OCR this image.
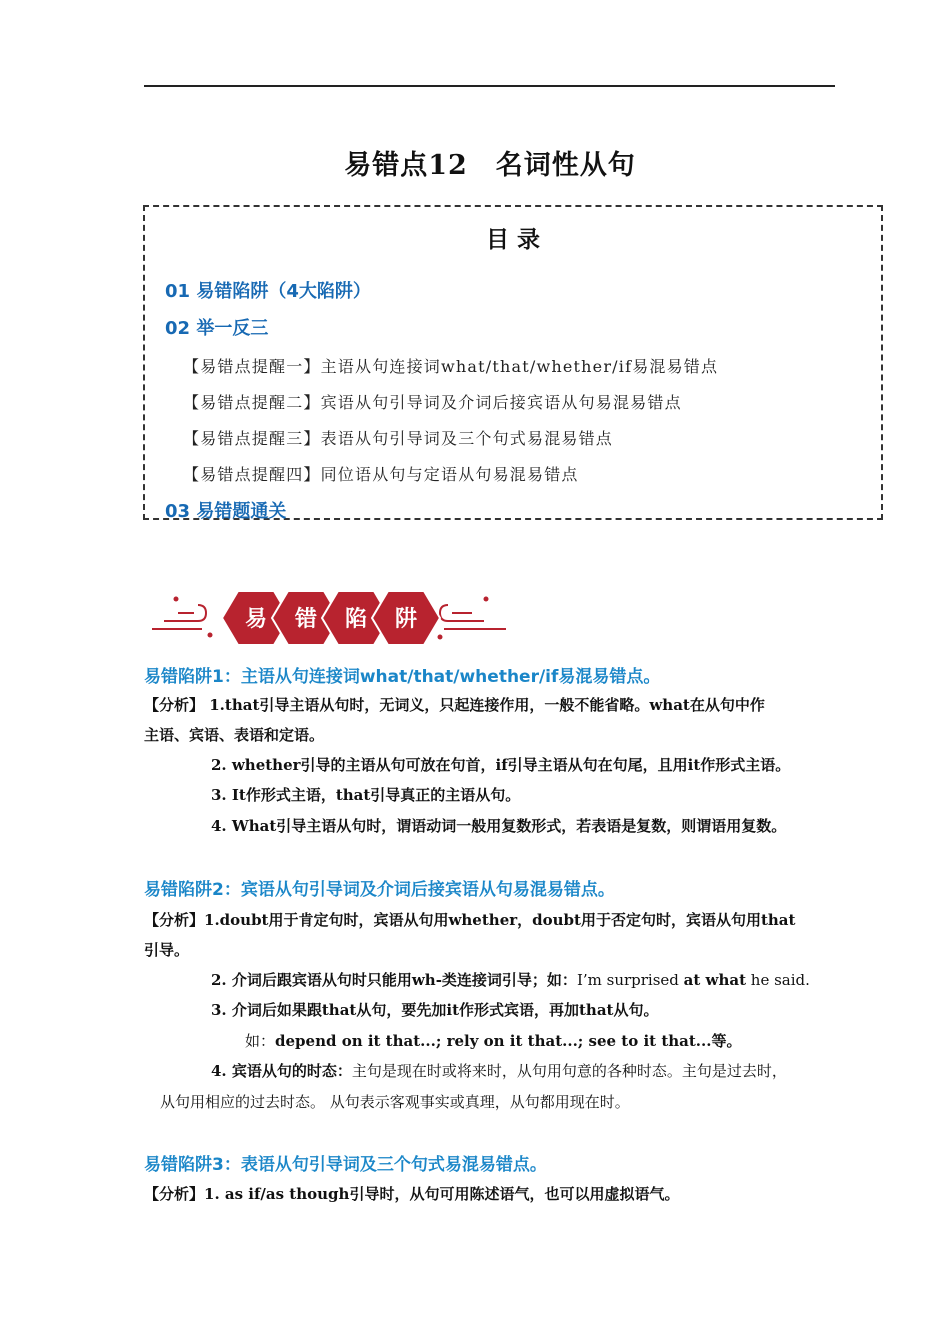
易错点12　名词性从句
目 录
01 易错陷阱（4大陷阱）
02 举一反三
【易错点提醒一】主语从句连接词what/that/whether/if易混易错点
【易错点提醒二】宾语从句引导词及介词后接宾语从句易混易错点
【易错点提醒三】表语从句引导词及三个句式易混易错点
【易错点提醒四】同位语从句与定语从句易混易错点
03 易错题通关
易 错 陷 阱
易错陷阱1：主语从句连接词what/that/whether/if易混易错点。
【分析】 1.that引导主语从句时，无词义，只起连接作用，一般不能省略。what在从句中作
主语、宾语、表语和定语。
2. whether引导的主语从句可放在句首，if引导主语从句在句尾，且用it作形式主语。
3. It作形式主语，that引导真正的主语从句。
4. What引导主语从句时，谓语动词一般用复数形式，若表语是复数，则谓语用复数。
易错陷阱2：宾语从句引导词及介词后接宾语从句易混易错点。
【分析】1.doubt用于肯定句时，宾语从句用whether，doubt用于否定句时，宾语从句用that
引导。
2. 介词后跟宾语从句时只能用wh-类连接词引导；如：I’m surprised at what he said.
3. 介词后如果跟that从句，要先加it作形式宾语，再加that从句。
如：depend on it that...; rely on it that...; see to it that...等。
4. 宾语从句的时态：主句是现在时或将来时，从句用句意的各种时态。主句是过去时，
从句用相应的过去时态。 从句表示客观事实或真理，从句都用现在时。
易错陷阱3：表语从句引导词及三个句式易混易错点。
【分析】1. as if/as though引导时，从句可用陈述语气，也可以用虚拟语气。
